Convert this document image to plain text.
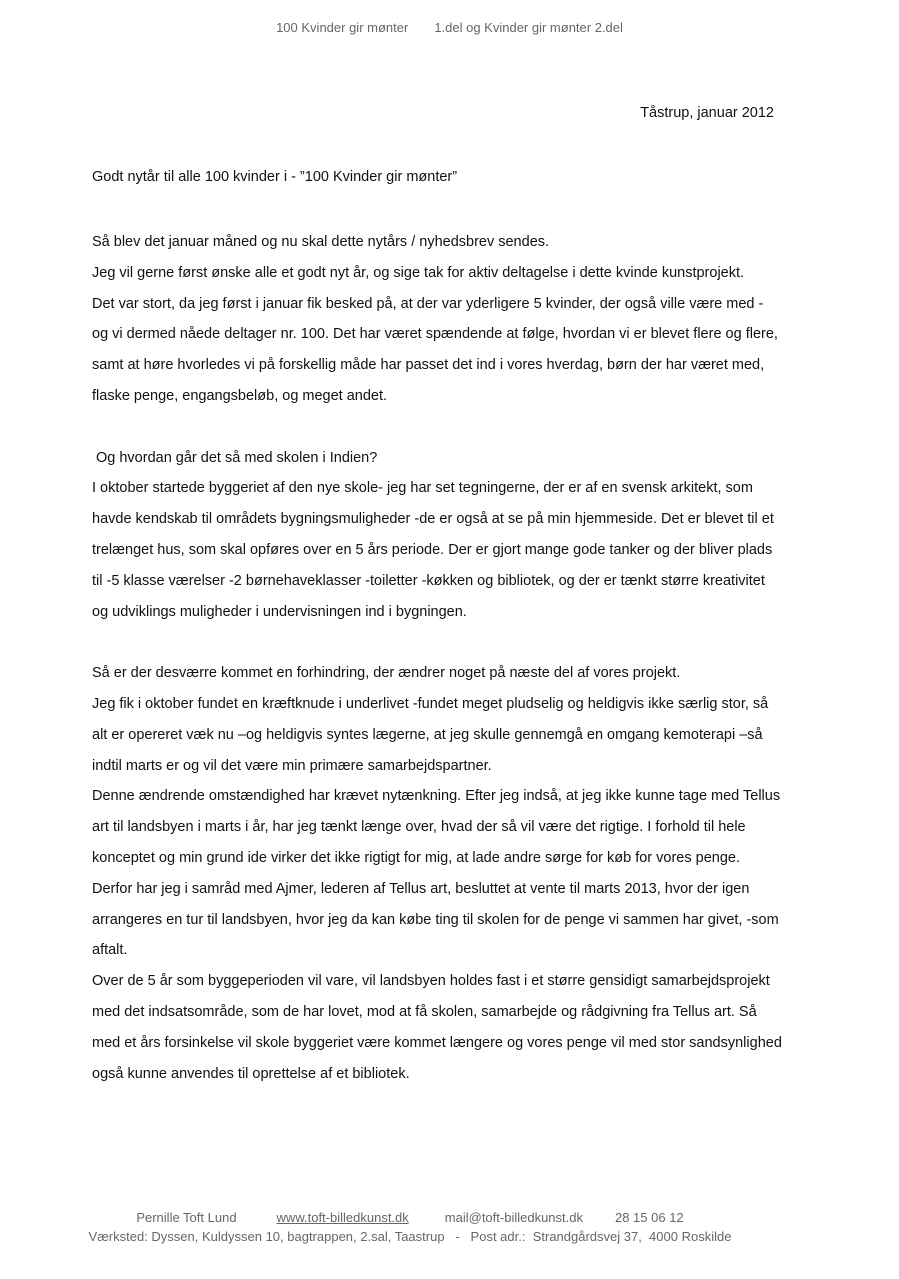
100 Kvinder gir mønter 1.del og Kvinder gir mønter 2.del
Tåstrup, januar 2012
Godt nytår til alle 100 kvinder i - ”100 Kvinder gir mønter”
Så blev det januar måned og nu skal dette nytårs / nyhedsbrev sendes.
Jeg vil gerne først ønske alle et godt nyt år, og sige tak for aktiv deltagelse i dette kvinde kunstprojekt.
Det var stort, da jeg først i januar fik besked på, at der var yderligere 5 kvinder, der også ville være med - og vi dermed nåede deltager nr. 100. Det har været spændende at følge, hvordan vi er blevet flere og flere, samt at høre hvorledes vi på forskellig måde har passet det ind i vores hverdag, børn der har været med, flaske penge, engangsbeløb, og meget andet.
Og hvordan går det så med skolen i Indien?
I oktober startede byggeriet af den nye skole- jeg har set tegningerne, der er af en svensk arkitekt, som havde kendskab til områdets bygningsmuligheder -de er også at se på min hjemmeside. Det er blevet til et trelænget hus, som skal opføres over en 5 års periode. Der er gjort mange gode tanker og der bliver plads til -5 klasse værelser -2 børnehaveklasser -toiletter -køkken og bibliotek, og der er tænkt større kreativitet og udviklings muligheder i undervisningen ind i bygningen.
Så er der desværre kommet en forhindring, der ændrer noget på næste del af vores projekt.
Jeg fik i oktober fundet en kræftknude i underlivet -fundet meget pludselig og heldigvis ikke særlig stor, så alt er opereret væk nu –og heldigvis syntes lægerne, at jeg skulle gennemgå en omgang kemoterapi –så indtil marts er og vil det være min primære samarbejdspartner.
Denne ændrende omstændighed har krævet nytænkning. Efter jeg indså, at jeg ikke kunne tage med Tellus art til landsbyen i marts i år, har jeg tænkt længe over, hvad der så vil være det rigtige. I forhold til hele konceptet og min grund ide virker det ikke rigtigt for mig, at lade andre sørge for køb for vores penge. Derfor har jeg i samråd med Ajmer, lederen af Tellus art, besluttet at vente til marts 2013, hvor der igen arrangeres en tur til landsbyen, hvor jeg da kan købe ting til skolen for de penge vi sammen har givet, -som aftalt.
Over de 5 år som byggeperioden vil vare, vil landsbyen holdes fast i et større gensidigt samarbejdsprojekt med det indsatsområde, som de har lovet, mod at få skolen, samarbejde og rådgivning fra Tellus art. Så med et års forsinkelse vil skole byggeriet være kommet længere og vores penge vil med stor sandsynlighed også kunne anvendes til oprettelse af et bibliotek.
Pernille Toft Lund	www.toft-billedkunst.dk	mail@toft-billedkunst.dk 28 15 06 12
Værksted: Dyssen, Kuldyssen 10, bagtrappen, 2.sal, Taastrup   -   Post adr.:  Strandgårdsvej 37,  4000 Roskilde
